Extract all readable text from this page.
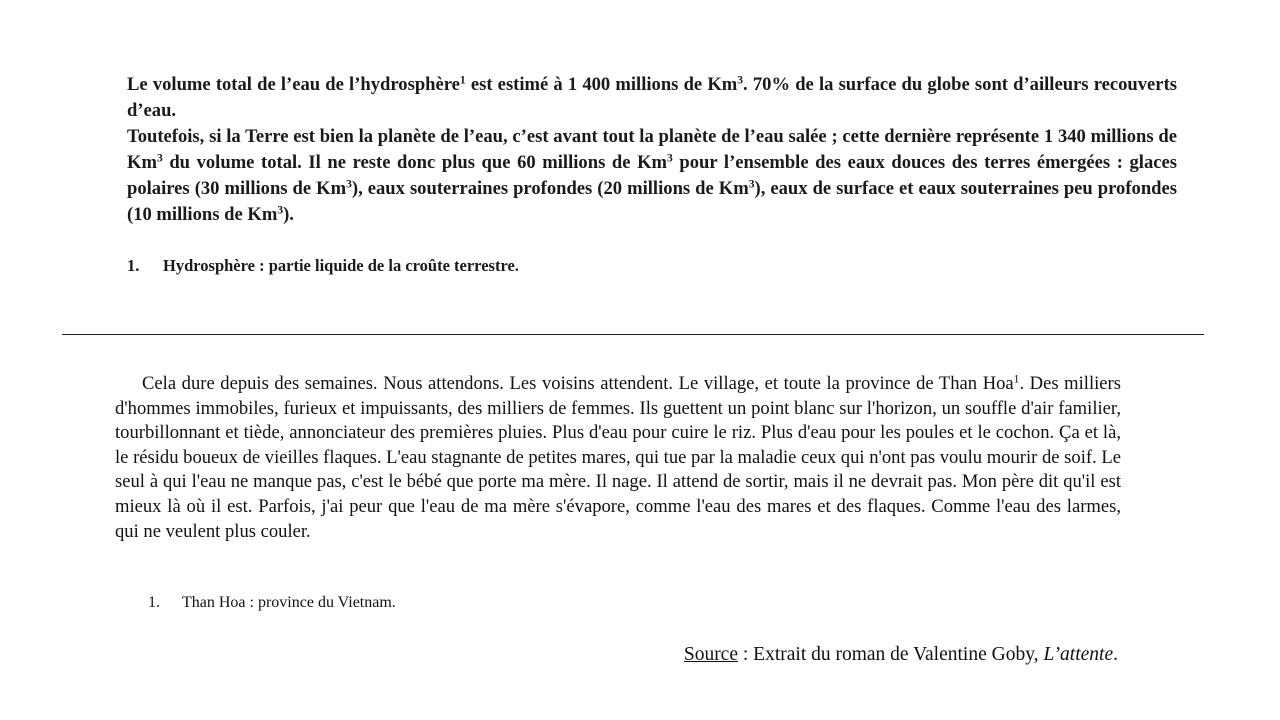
Le volume total de l’eau de l’hydrosphère$^1$ est estimé à 1 400 millions de Km$^3$. 70% de la surface du globe sont d’ailleurs recouverts d’eau.

Toutefois, si la Terre est bien la planète de l’eau, c’est avant tout la planète de l’eau salée ; cette dernière représente 1 340 millions de Km$^3$ du volume total. Il ne reste donc plus que 60 millions de Km$^3$ pour l’ensemble des eaux douces des terres émergées : glaces polaires (30 millions de Km$^3$), eaux souterraines profondes (20 millions de Km$^3$), eaux de surface et eaux souterraines peu profondes (10 millions de Km$^3$).

1. Hydrosphère : partie liquide de la croûte terrestre.

Cela dure depuis des semaines. Nous attendons. Les voisins attendent. Le village, et toute la province de Than Hoa$^1$. Des milliers d'hommes immobiles, furieux et impuissants, des milliers de femmes. Ils guettent un point blanc sur l'horizon, un souffle d'air familier, tourbillonnant et tiède, annonciateur des premières pluies. Plus d'eau pour cuire le riz. Plus d'eau pour les poules et le cochon. Ça et là, le résidu boueux de vieilles flaques. L'eau stagnante de petites mares, qui tue par la maladie ceux qui n'ont pas voulu mourir de soif. Le seul à qui l'eau ne manque pas, c'est le bébé que porte ma mère. Il nage. Il attend de sortir, mais il ne devrait pas. Mon père dit qu'il est mieux là où il est. Parfois, j'ai peur que l'eau de ma mère s'évapore, comme l'eau des mares et des flaques. Comme l'eau des larmes, qui ne veulent plus couler.

1. Than Hoa : province du Vietnam.
Source : Extrait du roman de Valentine Goby, L’attente.
